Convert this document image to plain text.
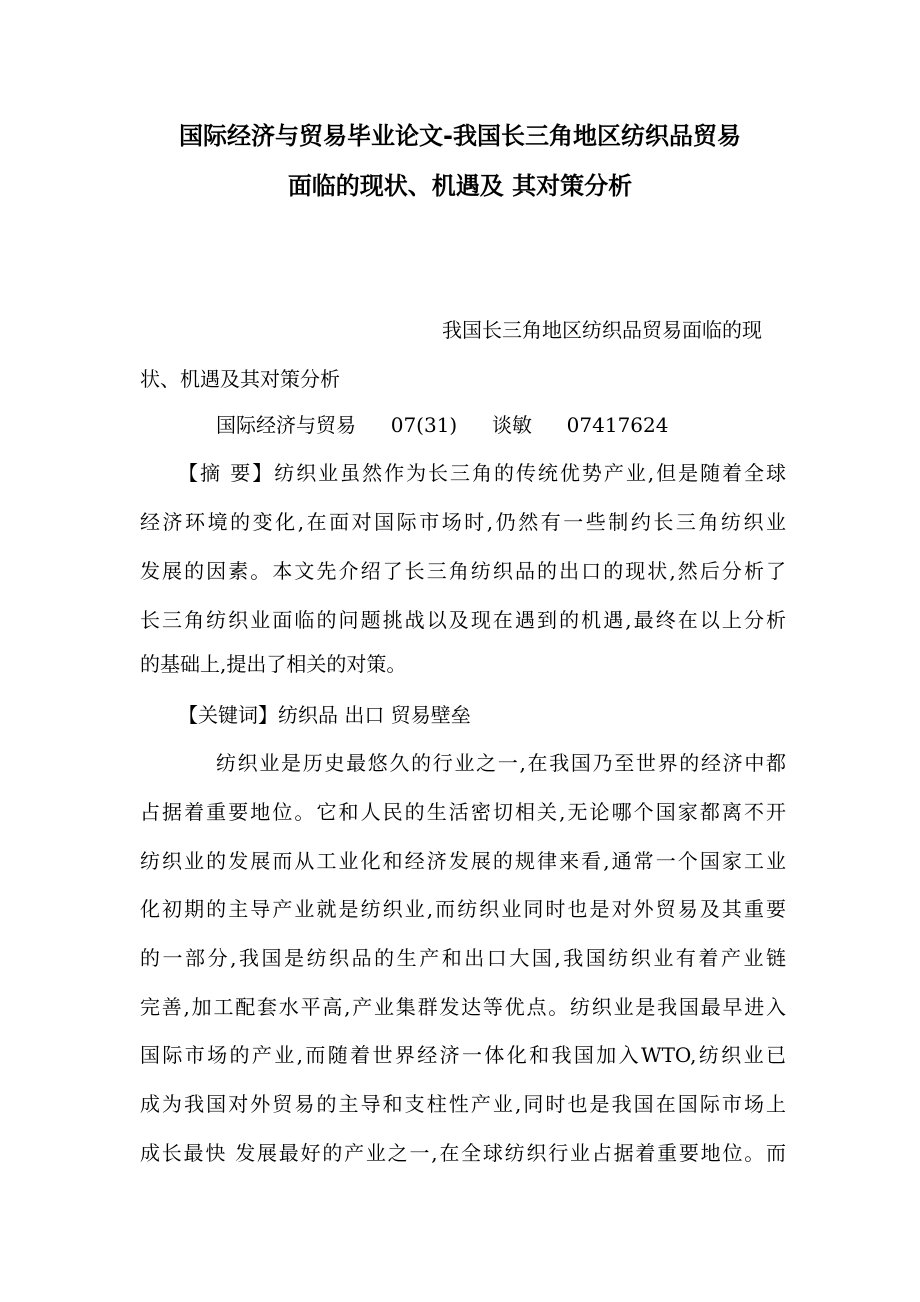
国际经济与贸易毕业论文-我国长三角地区纺织品贸易
面临的现状、机遇及 其对策分析
我国长三角地区纺织品贸易面临的现
状、机遇及其对策分析
国际经济与贸易 07(31) 谈敏 07417624
【摘 要】纺织业虽然作为长三角的传统优势产业,但是随着全球
经济环境的变化,在面对国际市场时,仍然有一些制约长三角纺织业
发展的因素。本文先介绍了长三角纺织品的出口的现状,然后分析了
长三角纺织业面临的问题挑战以及现在遇到的机遇,最终在以上分析
的基础上,提出了相关的对策。
【关键词】纺织品 出口 贸易壁垒
纺织业是历史最悠久的行业之一,在我国乃至世界的经济中都
占据着重要地位。它和人民的生活密切相关,无论哪个国家都离不开
纺织业的发展而从工业化和经济发展的规律来看,通常一个国家工业
化初期的主导产业就是纺织业,而纺织业同时也是对外贸易及其重要
的一部分,我国是纺织品的生产和出口大国,我国纺织业有着产业链
完善,加工配套水平高,产业集群发达等优点。纺织业是我国最早进入
国际市场的产业,而随着世界经济一体化和我国加入WTO,纺织业已
成为我国对外贸易的主导和支柱性产业,同时也是我国在国际市场上
成长最快 发展最好的产业之一,在全球纺织行业占据着重要地位。而
